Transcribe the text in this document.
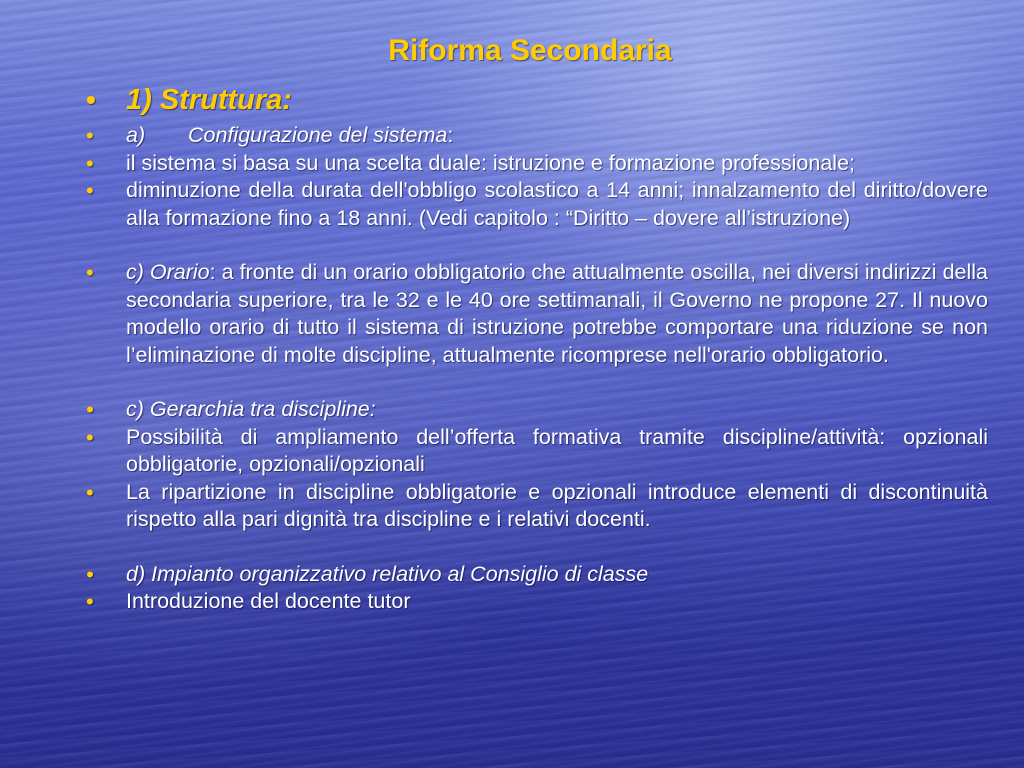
Riforma Secondaria
• 1) Struttura:
• a) Configurazione del sistema:
• il sistema si basa su una scelta duale: istruzione e formazione professionale;
• diminuzione della durata dell'obbligo scolastico a 14 anni; innalzamento del diritto/dovere alla formazione fino a 18 anni. (Vedi capitolo : “Diritto – dovere all’istruzione)
• c) Orario: a fronte di un orario obbligatorio che attualmente oscilla, nei diversi indirizzi della secondaria superiore, tra le 32 e le 40 ore settimanali, il Governo ne propone 27. Il nuovo modello orario di tutto il sistema di istruzione potrebbe comportare una riduzione se non l’eliminazione di molte discipline, attualmente ricomprese nell'orario obbligatorio.
• c) Gerarchia tra discipline:
• Possibilità di ampliamento dell’offerta formativa tramite discipline/attività: opzionali obbligatorie, opzionali/opzionali
• La ripartizione in discipline obbligatorie e opzionali introduce elementi di discontinuità rispetto alla pari dignità tra discipline e i relativi docenti.
• d) Impianto organizzativo relativo al Consiglio di classe
• Introduzione del docente tutor
